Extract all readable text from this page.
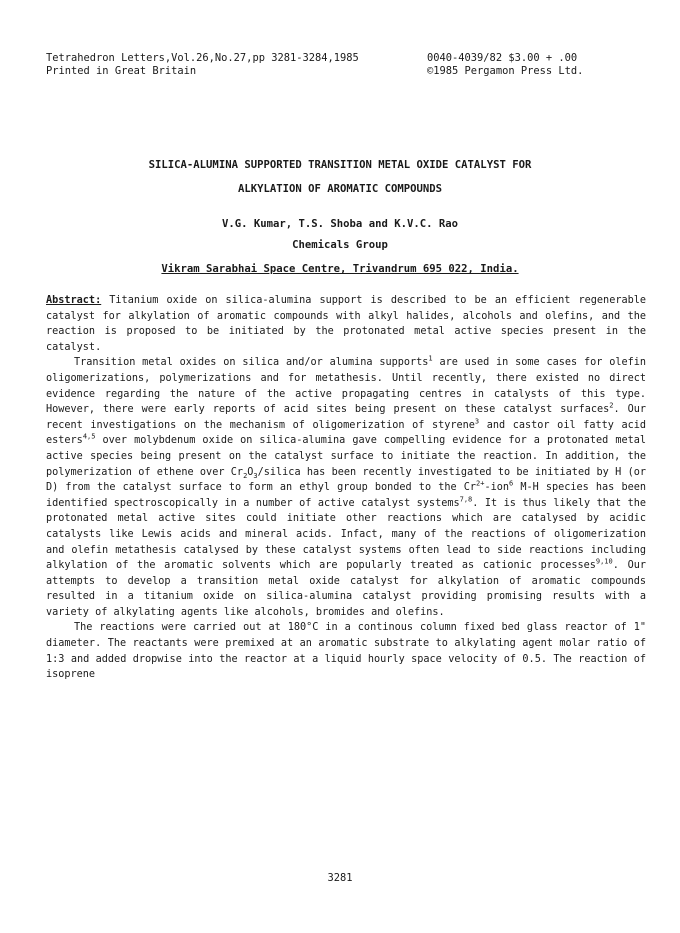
Tetrahedron Letters,Vol.26,No.27,pp 3281-3284,1985
Printed in Great Britain
0040-4039/82 $3.00 + .00
©1985 Pergamon Press Ltd.
SILICA-ALUMINA SUPPORTED TRANSITION METAL OXIDE CATALYST FOR
ALKYLATION OF AROMATIC COMPOUNDS
V.G. Kumar, T.S. Shoba and K.V.C. Rao
Chemicals Group
Vikram Sarabhai Space Centre, Trivandrum 695 022, India.

Abstract: Titanium oxide on silica-alumina support is described to be an efficient regenerable catalyst for alkylation of aromatic compounds with alkyl halides, alcohols and olefins, and the reaction is proposed to be initiated by the protonated metal active species present in the catalyst.

Transition metal oxides on silica and/or alumina supports$^1$ are used in some cases for olefin oligomerizations, polymerizations and for metathesis. Until recently, there existed no direct evidence regarding the nature of the active propagating centres in catalysts of this type. However, there were early reports of acid sites being present on these catalyst surfaces$^2$. Our recent investigations on the mechanism of oligomerization of styrene$^3$ and castor oil fatty acid esters$^{4,5}$ over molybdenum oxide on silica-alumina gave compelling evidence for a protonated metal active species being present on the catalyst surface to initiate the reaction. In addition, the polymerization of ethene over $Cr_2O_3$/silica has been recently investigated to be initiated by H (or D) from the catalyst surface to form an ethyl group bonded to the $Cr^{2+}-ion^6$ M-H species has been identified spectroscopically in a number of active catalyst systems$^{7,8}$. It is thus likely that the protonated metal active sites could initiate other reactions which are catalysed by acidic catalysts like Lewis acids and mineral acids. Infact, many of the reactions of oligomerization and olefin metathesis catalysed by these catalyst systems often lead to side reactions including alkylation of the aromatic solvents which are popularly treated as cationic processes$^{9,10}$. Our attempts to develop a transition metal oxide catalyst for alkylation of aromatic compounds resulted in a titanium oxide on silica-alumina catalyst providing promising results with a variety of alkylating agents like alcohols, bromides and olefins.

The reactions were carried out at 180°C in a continous column fixed bed glass reactor of 1" diameter. The reactants were premixed at an aromatic substrate to alkylating agent molar ratio of 1:3 and added dropwise into the reactor at a liquid hourly space velocity of 0.5. The reaction of isoprene

3281
